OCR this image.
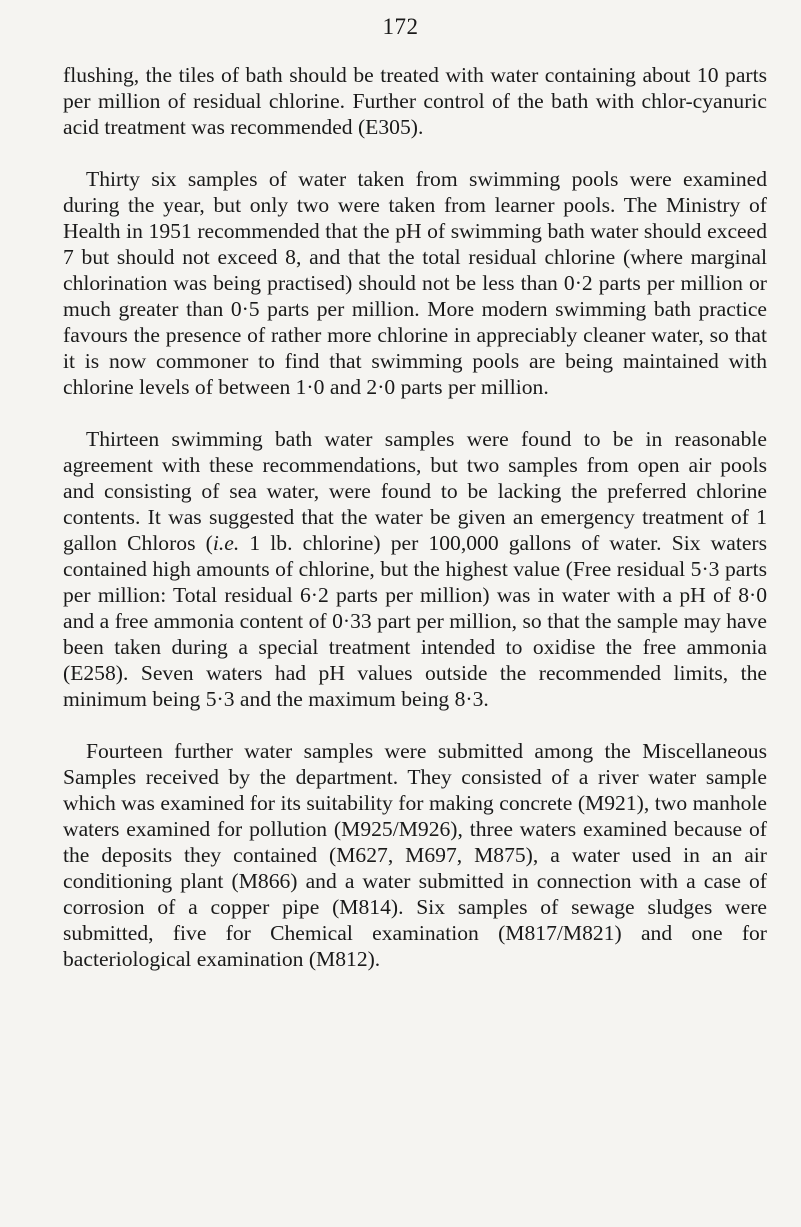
172

flushing, the tiles of bath should be treated with water containing about 10 parts per million of residual chlorine. Further control of the bath with chlor-cyanuric acid treatment was recommended (E305).

Thirty six samples of water taken from swimming pools were examined during the year, but only two were taken from learner pools. The Ministry of Health in 1951 recommended that the pH of swimming bath water should exceed 7 but should not exceed 8, and that the total residual chlorine (where marginal chlorination was being practised) should not be less than 0·2 parts per million or much greater than 0·5 parts per million. More modern swimming bath practice favours the presence of rather more chlorine in appreciably cleaner water, so that it is now commoner to find that swimming pools are being maintained with chlorine levels of between 1·0 and 2·0 parts per million.

Thirteen swimming bath water samples were found to be in reasonable agreement with these recommendations, but two samples from open air pools and consisting of sea water, were found to be lacking the preferred chlorine contents. It was suggested that the water be given an emergency treatment of 1 gallon Chloros (i.e. 1 lb. chlorine) per 100,000 gallons of water. Six waters contained high amounts of chlorine, but the highest value (Free residual 5·3 parts per million: Total residual 6·2 parts per million) was in water with a pH of 8·0 and a free ammonia content of 0·33 part per million, so that the sample may have been taken during a special treatment intended to oxidise the free ammonia (E258). Seven waters had pH values outside the recommended limits, the minimum being 5·3 and the maximum being 8·3.

Fourteen further water samples were submitted among the Miscellaneous Samples received by the department. They consisted of a river water sample which was examined for its suitability for making concrete (M921), two manhole waters examined for pollution (M925/M926), three waters examined because of the deposits they contained (M627, M697, M875), a water used in an air conditioning plant (M866) and a water submitted in connection with a case of corrosion of a copper pipe (M814). Six samples of sewage sludges were submitted, five for Chemical examination (M817/M821) and one for bacteriological examination (M812).
